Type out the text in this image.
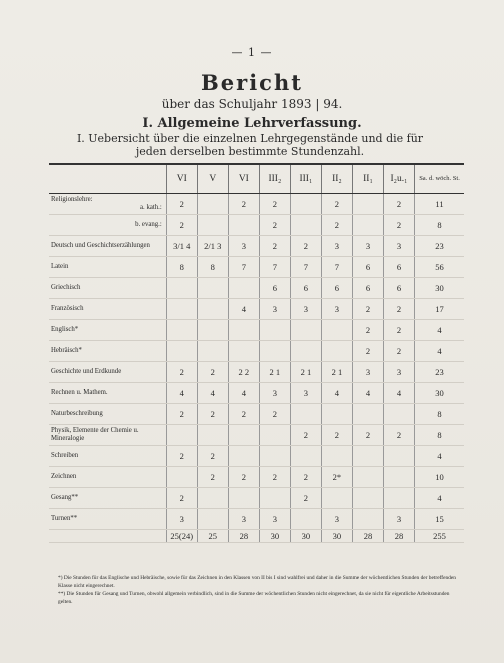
— 1 —
Bericht
über das Schuljahr 1893 | 94.
I. Allgemeine Lehrverfassung.
I. Uebersicht über die einzelnen Lehrgegenstände und die für jeden derselben bestimmte Stundenzahl.
	VI	V	VI	III₂	III₁	II₂	II₁	I₂u.₁	Sa. d. wöch. St.
Religionslehre:
a. kath.:	2		2	2		2		2	11

b. evang.:	2			2		2		2	8
Deutsch und Geschichtserzählungen	3/1 4	2/1 3	3	2	2	3	3	3	23
Latein	8	8	7	7	7	7	6	6	56
Griechisch				6	6	6	6	6	30
Französisch			4	3	3	3	2	2	17
Englisch*							2	2	4
Hebräisch*							2	2	4
Geschichte und Erdkunde	2	2	2 2	2 1	2 1	2 1	3	3	23
Rechnen u. Mathem.	4	4	4	3	3	4	4	4	30
Naturbeschreibung	2	2	2	2					8
Physik, Elemente der Chemie u. Mineralogie					2	2	2	2	8
Schreiben	2	2							4
Zeichnen		2	2	2	2	2*			10
Gesang**	2				2				4
Turnen**	3		3	3		3		3	15
	25(24)	25	28	30	30	30	28	28	255
*) Die Stunden für das Englische und Hebräische, sowie für das Zeichnen in den Klassen von II bis I sind wahlfrei und daher in die Summe der wöchentlichen Stunden der betreffenden Klasse nicht eingerechnet.
**) Die Stunden für Gesang und Turnen, obwohl allgemein verbindlich, sind in die Summe der wöchentlichen Stunden nicht eingerechnet, da sie nicht für eigentliche Arbeitsstunden gelten.
